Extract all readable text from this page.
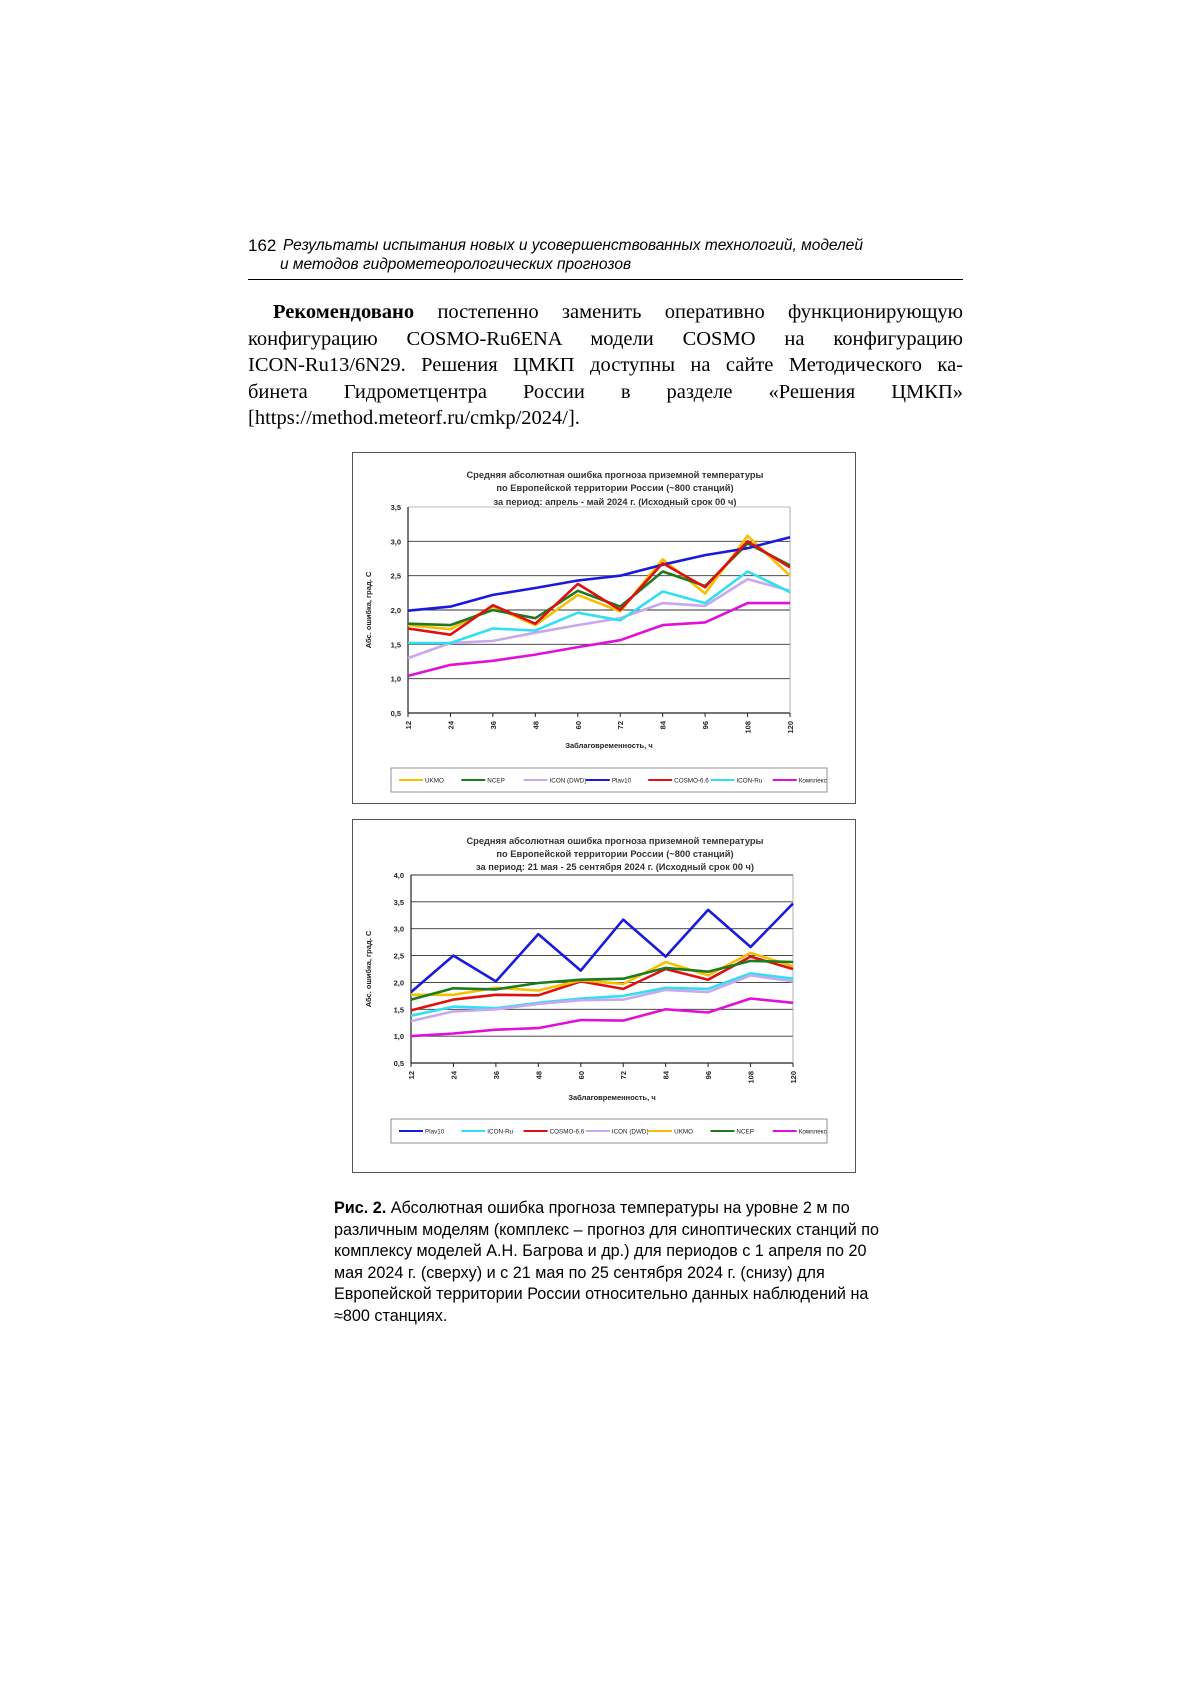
162 Результаты испытания новых и усовершенствованных технологий, моделей
и методов гидрометеорологических прогнозов
Рекомендовано постепенно заменить оперативно функционирующую
конфигурацию COSMO-Ru6ENA модели COSMO на конфигурацию
ICON-Ru13/6N29. Решения ЦМКП доступны на сайте Методического ка-
бинета Гидрометцентра России в разделе «Решения ЦМКП»
[https://method.meteorf.ru/cmkp/2024/].
Средняя абсолютная ошибка прогноза приземной температуры
по Европейской территории России (~800 станций)
за период: апрель - май 2024 г. (Исходный срок 00 ч)
0,5
1,0
1,5
2,0
2,5
3,0
3,5
12	24	36	48	60	72	84	96	108	120
Заблаговременность, ч
Абс. ошибка, град. С
UKMO	NCEP	ICON (DWD)	Plav10	COSMO-6.6	ICON-Ru	Комплекс
Средняя абсолютная ошибка прогноза приземной температуры
по Европейской территории России (~800 станций)
за период: 21 мая - 25 сентября 2024 г. (Исходный срок 00 ч)
0,5
1,0
1,5
2,0
2,5
3,0
3,5
4,0
12	24	36	48	60	72	84	96	108	120
Заблаговременность, ч
Абс. ошибка, град. С
Plav10	ICON-Ru	COSMO-6.6	ICON (DWD)	UKMO	NCEP	Комплекс
Рис. 2. Абсолютная ошибка прогноза температуры на уровне 2 м по различным моделям (комплекс – прогноз для синоптических станций по комплексу моделей А.Н. Багрова и др.) для периодов с 1 апреля по 20 мая 2024 г. (сверху) и с 21 мая по 25 сентября 2024 г. (снизу) для Европейской территории России относительно данных наблюдений на ≈800 станциях.
